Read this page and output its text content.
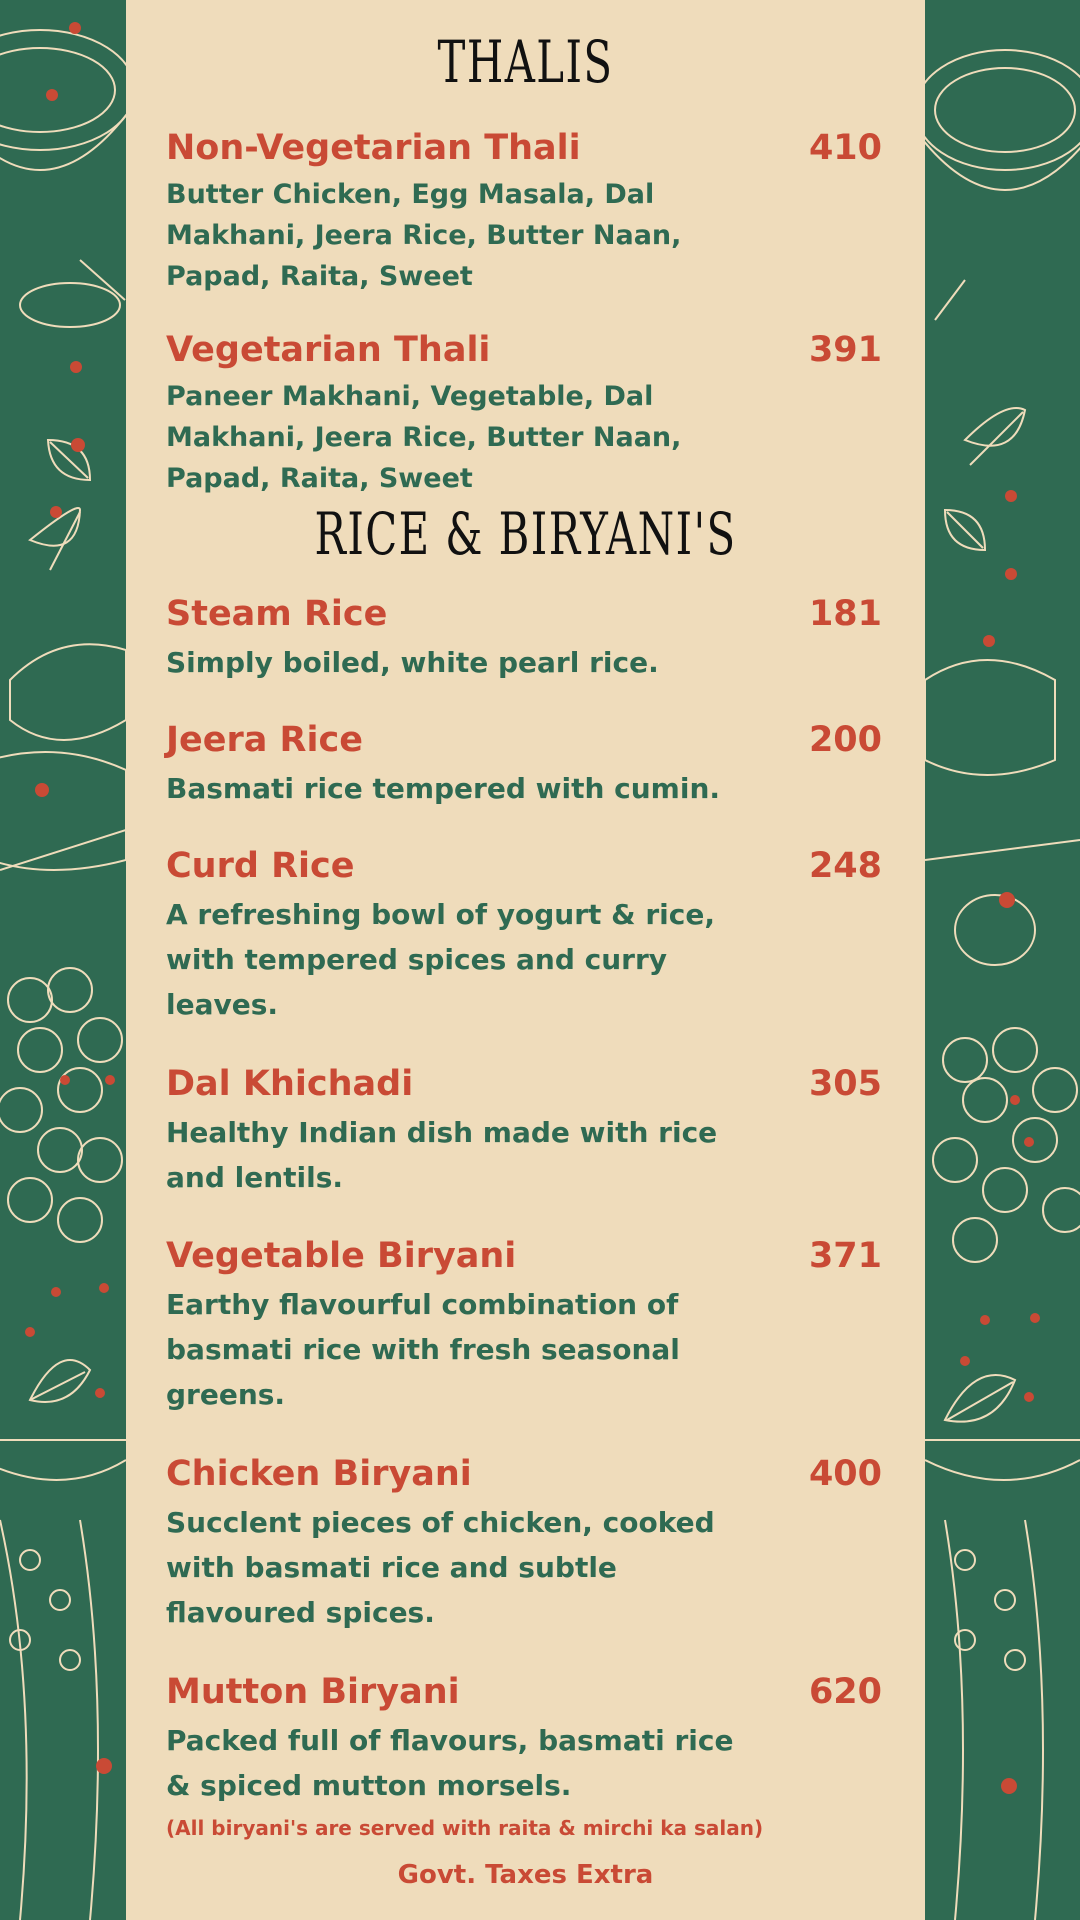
THALIS
Non-Vegetarian Thali	410
Butter Chicken, Egg Masala, Dal Makhani, Jeera Rice, Butter Naan, Papad, Raita, Sweet
Vegetarian Thali	391
Paneer Makhani, Vegetable, Dal Makhani, Jeera Rice, Butter Naan, Papad, Raita, Sweet
RICE & BIRYANI'S
Steam Rice	181
Simply boiled, white pearl rice.
Jeera Rice	200
Basmati rice tempered with cumin.
Curd Rice	248
A refreshing bowl of yogurt & rice, with tempered spices and curry leaves.
Dal Khichadi	305
Healthy Indian dish made with rice and lentils.
Vegetable Biryani	371
Earthy flavourful combination of basmati rice with fresh seasonal greens.
Chicken Biryani	400
Succlent pieces of chicken, cooked with basmati rice and subtle flavoured spices.
Mutton Biryani	620
Packed full of flavours, basmati rice & spiced mutton morsels.
(All biryani's are served with raita & mirchi ka salan)
Govt. Taxes Extra
